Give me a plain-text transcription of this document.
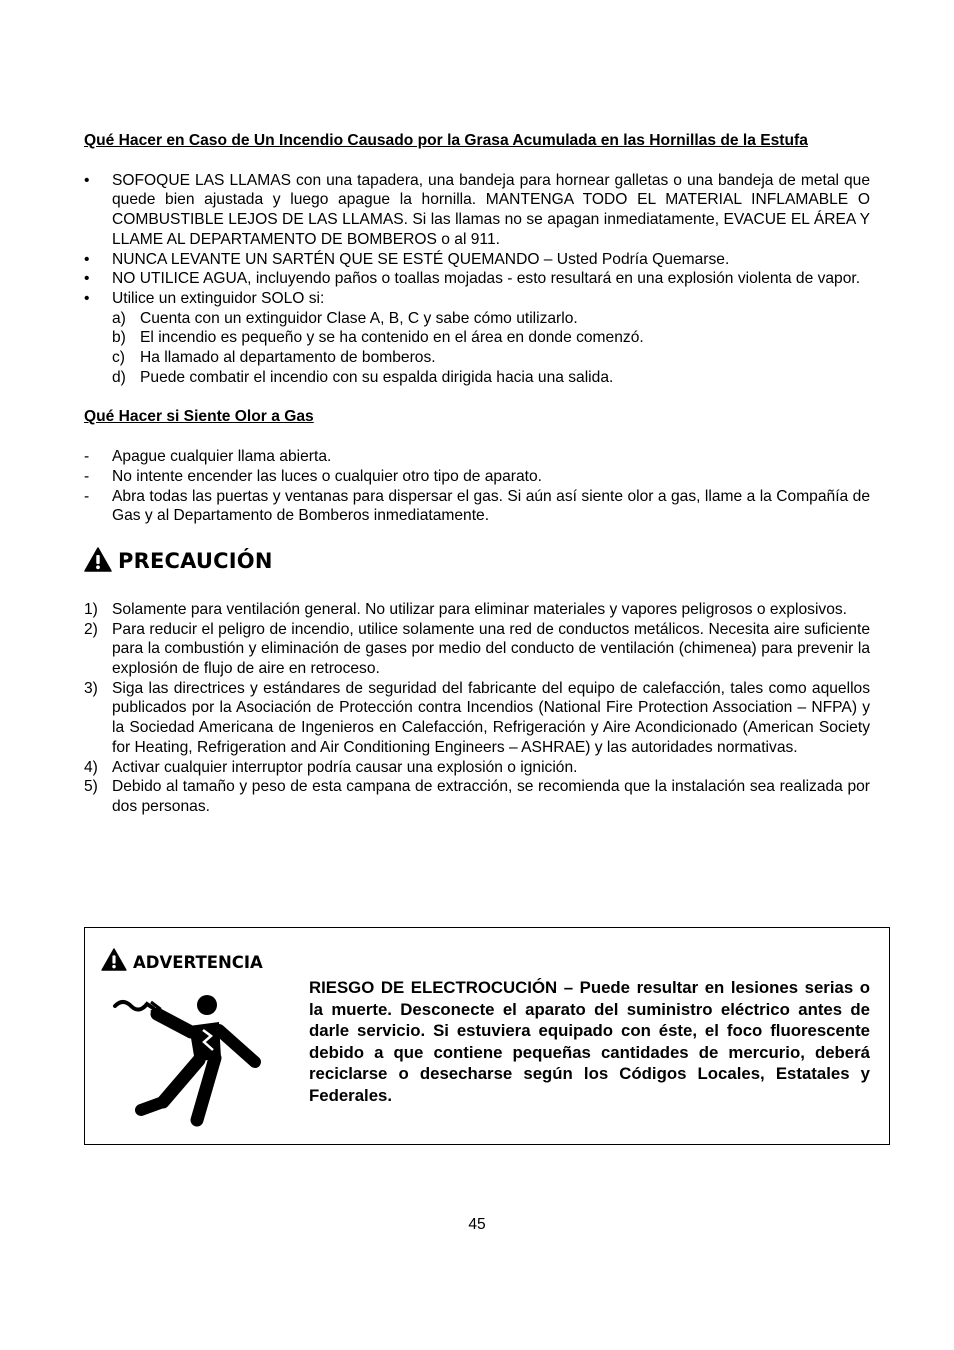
Qué Hacer en Caso de Un Incendio Causado por la Grasa Acumulada en las Hornillas de la Estufa

•	SOFOQUE LAS LLAMAS con una tapadera, una bandeja para hornear galletas o una bandeja de metal que quede bien ajustada y luego apague la hornilla. MANTENGA TODO EL MATERIAL INFLAMABLE O COMBUSTIBLE LEJOS DE LAS LLAMAS. Si las llamas no se apagan inmediatamente, EVACUE EL ÁREA Y LLAME AL DEPARTAMENTO DE BOMBEROS o al 911.
•	NUNCA LEVANTE UN SARTÉN QUE SE ESTÉ QUEMANDO – Usted Podría Quemarse.
•	NO UTILICE AGUA, incluyendo paños o toallas mojadas - esto resultará en una explosión violenta de vapor.
•	Utilice un extinguidor SOLO si:
a) Cuenta con un extinguidor Clase A, B, C y sabe cómo utilizarlo.
b) El incendio es pequeño y se ha contenido en el área en donde comenzó.
c) Ha llamado al departamento de bomberos.
d) Puede combatir el incendio con su espalda dirigida hacia una salida.

Qué Hacer si Siente Olor a Gas

-	Apague cualquier llama abierta.
-	No intente encender las luces o cualquier otro tipo de aparato.
-	Abra todas las puertas y ventanas para dispersar el gas. Si aún así siente olor a gas, llame a la Compañía de Gas y al Departamento de Bomberos inmediatamente.
PRECAUCIÓN
1) Solamente para ventilación general. No utilizar para eliminar materiales y vapores peligrosos o explosivos.
2) Para reducir el peligro de incendio, utilice solamente una red de conductos metálicos. Necesita aire suficiente para la combustión y eliminación de gases por medio del conducto de ventilación (chimenea) para prevenir la explosión de flujo de aire en retroceso.
3) Siga las directrices y estándares de seguridad del fabricante del equipo de calefacción, tales como aquellos publicados por la Asociación de Protección contra Incendios (National Fire Protection Association – NFPA) y la Sociedad Americana de Ingenieros en Calefacción, Refrigeración y Aire Acondicionado (American Society for Heating, Refrigeration and Air Conditioning Engineers – ASHRAE) y las autoridades normativas.
4) Activar cualquier interruptor podría causar una explosión o ignición.
5) Debido al tamaño y peso de esta campana de extracción, se recomienda que la instalación sea realizada por dos personas.
ADVERTENCIA
RIESGO DE ELECTROCUCIÓN – Puede resultar en lesiones serias o la muerte. Desconecte el aparato del suministro eléctrico antes de darle servicio. Si estuviera equipado con éste, el foco fluorescente debido a que contiene pequeñas cantidades de mercurio, deberá reciclarse o desecharse según los Códigos Locales, Estatales y Federales.
45
